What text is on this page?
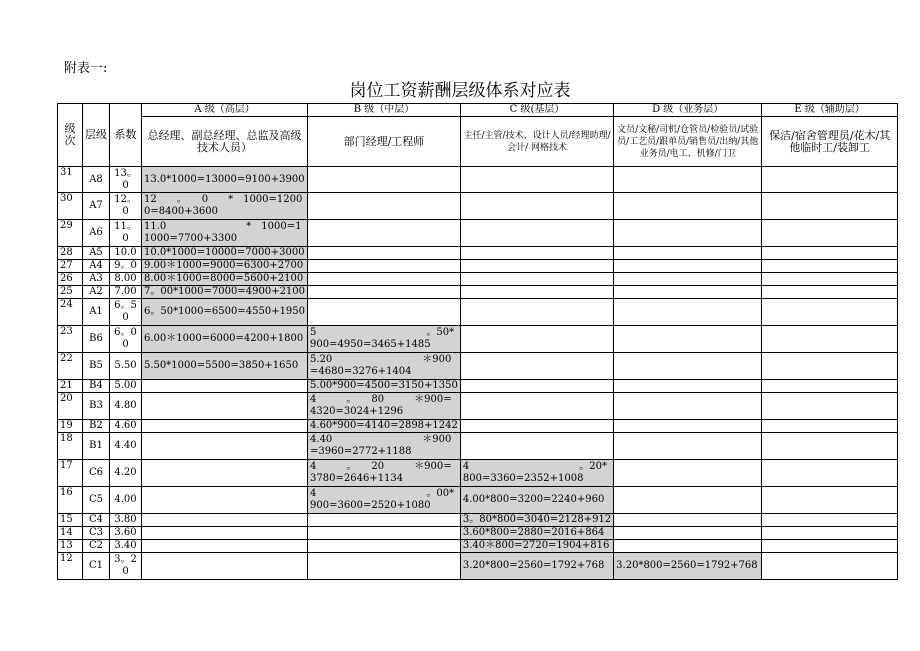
附表一:
岗位工资薪酬层级体系对应表
级次	层级	系数	A 级（高层）	B 级（中层）	C 级(基层）	D 级（业务层）	E 级（辅助层）
			总经理、副总经理、总监及高级技术人员）	部门经理/工程师	主任/主管/技术、设计人员/经理助理/会计/ 网格技术	文员/文秘/司机/仓管员/检验员/试验员/工艺员/跟单员/销售员/出纳/其他业务员/电工、机修/门卫	保洁/宿舍管理员/花木/其他临时工/装卸工
31	A8	13。0	13.0*1000=13000=9100+3900				
30	A7	12。0	12　　。　　0　　*　1000=12000=8400+3600				
29	A6	11。0	11.0　　　　　　　　*　1000=11000=7700+3300				
28	A5	10.0	10.0*1000=10000=7000+3000				
27	A4	9。0	9.00＊1000=9000=6300+2700				
26	A3	8.00	8.00＊1000=8000=5600+2100				
25	A2	7.00	7。00*1000=7000=4900+2100				
24	A1	6。50	6。50*1000=6500=4550+1950				
23	B6	6。00	6.00＊1000=6000=4200+1800	5　　　　　　　　　　　。50*900=4950=3465+1485			
22	B5	5.50	5.50*1000=5500=3850+1650	5.20　　　　　　　　　＊900=4680=3276+1404			
21	B4	5.00		5.00*900=4500=3150+1350			
20	B3	4.80		4　　　。　　80　　　＊900=4320=3024+1296			
19	B2	4.60		4.60*900=4140=2898+1242			
18	B1	4.40		4.40　　　　　　　　　＊900=3960=2772+1188			
17	C6	4.20		4　　　。　　20　　　＊900=3780=2646+1134	4　　　　　　　　　　　。20*800=3360=2352+1008		
16	C5	4.00		4　　　　　　　　　　　。00*900=3600=2520+1080	4.00*800=3200=2240+960		
15	C4	3.80			3。80*800=3040=2128+912		
14	C3	3.60			3.60*800=2880=2016+864		
13	C2	3.40			3.40＊800=2720=1904+816		
12	C1	3。20			3.20*800=2560=1792+768	3.20*800=2560=1792+768	
